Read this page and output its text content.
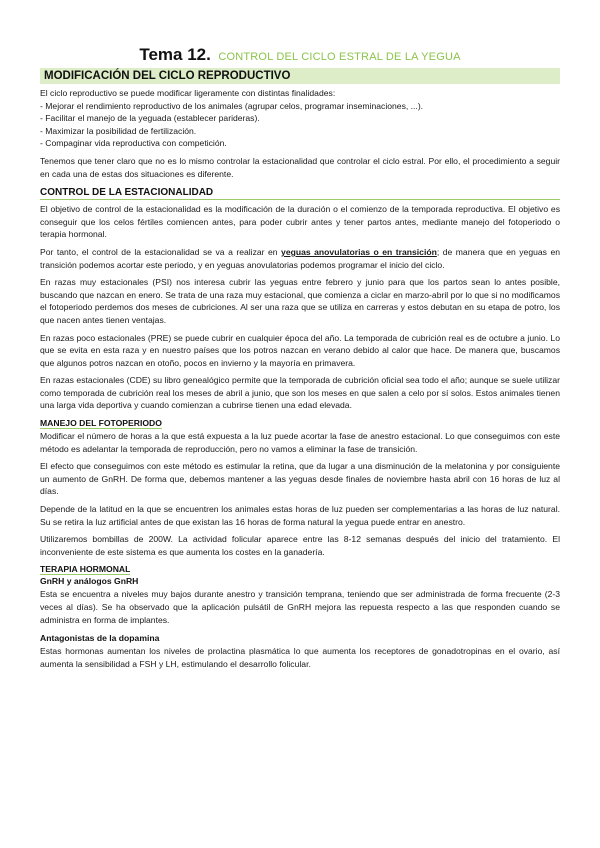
Tema 12. CONTROL DEL CICLO ESTRAL DE LA YEGUA
MODIFICACIÓN DEL CICLO REPRODUCTIVO

El ciclo reproductivo se puede modificar ligeramente con distintas finalidades:

- Mejorar el rendimiento reproductivo de los animales (agrupar celos, programar inseminaciones, ...).
- Facilitar el manejo de la yeguada (establecer parideras).
- Maximizar la posibilidad de fertilización.
- Compaginar vida reproductiva con competición.

Tenemos que tener claro que no es lo mismo controlar la estacionalidad que controlar el ciclo estral. Por ello, el procedimiento a seguir en cada una de estas dos situaciones es diferente.

CONTROL DE LA ESTACIONALIDAD

El objetivo de control de la estacionalidad es la modificación de la duración o el comienzo de la temporada reproductiva. El objetivo es conseguir que los celos fértiles comiencen antes, para poder cubrir antes y tener partos antes, mediante manejo del fotoperiodo o terapia hormonal.

Por tanto, el control de la estacionalidad se va a realizar en yeguas anovulatorias o en transición; de manera que en yeguas en transición podemos acortar este periodo, y en yeguas anovulatorias podemos programar el inicio del ciclo.

En razas muy estacionales (PSI) nos interesa cubrir las yeguas entre febrero y junio para que los partos sean lo antes posible, buscando que nazcan en enero. Se trata de una raza muy estacional, que comienza a ciclar en marzo-abril por lo que si no modificamos el fotoperiodo perdemos dos meses de cubriciones. Al ser una raza que se utiliza en carreras y estos debutan en su etapa de potro, los que nacen antes tienen ventajas.

En razas poco estacionales (PRE) se puede cubrir en cualquier época del año. La temporada de cubrición real es de octubre a junio. Lo que se evita en esta raza y en nuestro países que los potros nazcan en verano debido al calor que hace. De manera que, buscamos que algunos potros nazcan en otoño, pocos en invierno y la mayoría en primavera.

En razas estacionales (CDE) su libro genealógico permite que la temporada de cubrición oficial sea todo el año; aunque se suele utilizar como temporada de cubrición real los meses de abril a junio, que son los meses en que salen a celo por sí solos. Estos animales tienen una larga vida deportiva y cuando comienzan a cubrirse tienen una edad elevada.

MANEJO DEL FOTOPERIODO

Modificar el número de horas a la que está expuesta a la luz puede acortar la fase de anestro estacional. Lo que conseguimos con este método es adelantar la temporada de reproducción, pero no vamos a eliminar la fase de transición.

El efecto que conseguimos con este método es estimular la retina, que da lugar a una disminución de la melatonina y por consiguiente un aumento de GnRH. De forma que, debemos mantener a las yeguas desde finales de noviembre hasta abril con 16 horas de luz al días.

Depende de la latitud en la que se encuentren los animales estas horas de luz pueden ser complementarias a las horas de luz natural. Su se retira la luz artificial antes de que existan las 16 horas de forma natural la yegua puede entrar en anestro.

Utilizaremos bombillas de 200W. La actividad folicular aparece entre las 8-12 semanas después del inicio del tratamiento. El inconveniente de este sistema es que aumenta los costes en la ganadería.

TERAPIA HORMONAL
GnRH y análogos GnRH

Esta se encuentra a niveles muy bajos durante anestro y transición temprana, teniendo que ser administrada de forma frecuente (2-3 veces al días). Se ha observado que la aplicación pulsátil de GnRH mejora las repuesta respecto a las que responden cuando se administra en forma de implantes.

Antagonistas de la dopamina

Estas hormonas aumentan los niveles de prolactina plasmática lo que aumenta los receptores de gonadotropinas en el ovario, así aumenta la sensibilidad a FSH y LH, estimulando el desarrollo folicular.
